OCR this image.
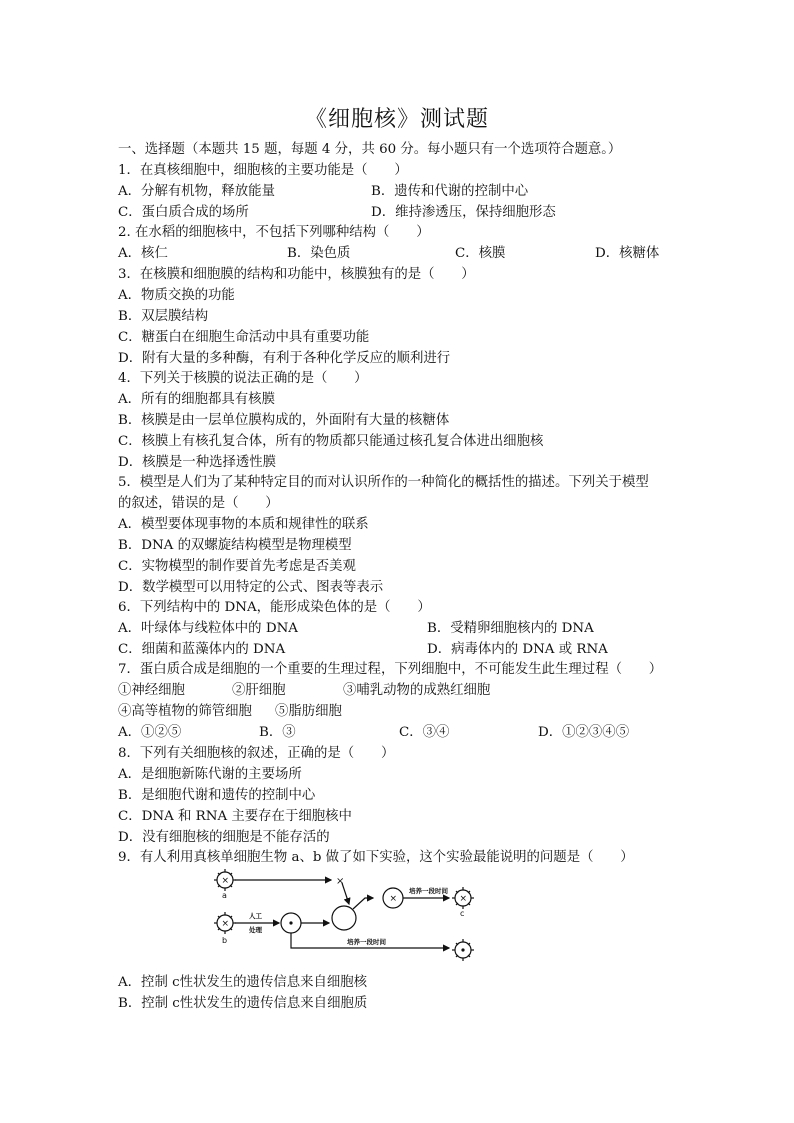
《细胞核》测试题
一、选择题（本题共 15 题，每题 4 分，共 60 分。每小题只有一个选项符合题意。）
1．在真核细胞中，细胞核的主要功能是（　　）
A．分解有机物，释放能量	B．遗传和代谢的控制中心
C．蛋白质合成的场所	D．维持渗透压，保持细胞形态
2. 在水稻的细胞核中，不包括下列哪种结构（　　）
A．核仁	B．染色质	C．核膜	D．核糖体
3．在核膜和细胞膜的结构和功能中，核膜独有的是（　　）
A．物质交换的功能
B．双层膜结构
C．糖蛋白在细胞生命活动中具有重要功能
D．附有大量的多种酶，有利于各种化学反应的顺利进行
4．下列关于核膜的说法正确的是（　　）
A．所有的细胞都具有核膜
B．核膜是由一层单位膜构成的，外面附有大量的核糖体
C．核膜上有核孔复合体，所有的物质都只能通过核孔复合体进出细胞核
D．核膜是一种选择透性膜
5．模型是人们为了某种特定目的而对认识所作的一种简化的概括性的描述。下列关于模型
的叙述，错误的是（　　）
A．模型要体现事物的本质和规律性的联系
B．DNA 的双螺旋结构模型是物理模型
C．实物模型的制作要首先考虑是否美观
D．数学模型可以用特定的公式、图表等表示
6．下列结构中的 DNA，能形成染色体的是（　　）
A．叶绿体与线粒体中的 DNA	B．受精卵细胞核内的 DNA
C．细菌和蓝藻体内的 DNA	D．病毒体内的 DNA 或 RNA
7．蛋白质合成是细胞的一个重要的生理过程，下列细胞中，不可能发生此生理过程（　　）
①神经细胞	②肝细胞	③哺乳动物的成熟红细胞
④高等植物的筛管细胞 ⑤脂肪细胞
A．①②⑤	B．③	C．③④	D．①②③④⑤
8．下列有关细胞核的叙述，正确的是（　　）
A．是细胞新陈代谢的主要场所
B．是细胞代谢和遗传的控制中心
C．DNA 和 RNA 主要存在于细胞核中
D．没有细胞核的细胞是不能存活的
9．有人利用真核单细胞生物 a、b 做了如下实验，这个实验最能说明的问题是（　　）
×
×
×	×
×
a
b
c
人工
处理
培养一段时间
培养一段时间
A．控制 c性状发生的遗传信息来自细胞核
B．控制 c性状发生的遗传信息来自细胞质
